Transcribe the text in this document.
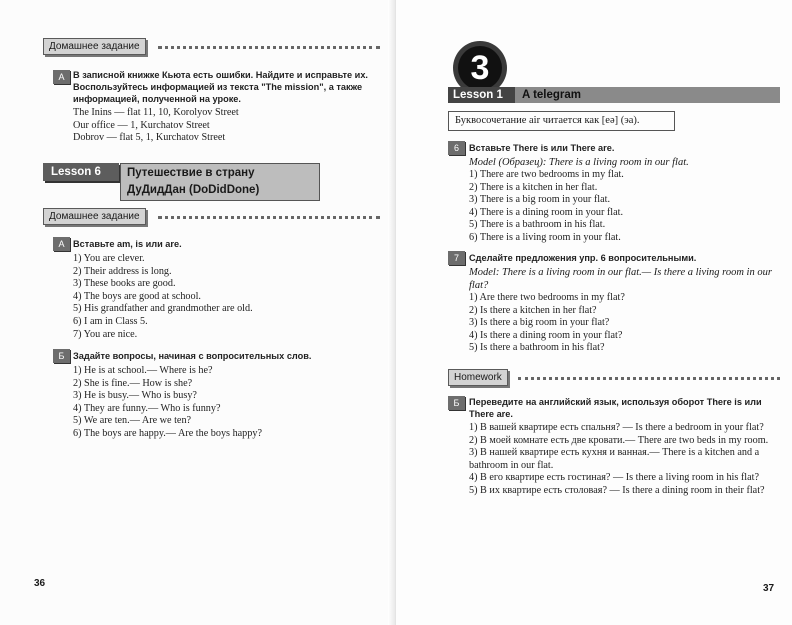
Домашнее задание
А В записной книжке Кьюта есть ошибки. Найдите и исправьте их. Воспользуйтесь информацией из текста "The mission", а также информацией, полученной на уроке.
The Inins — flat 11, 10, Korolyov Street
Our office — 1, Kurchatov Street
Dobrov — flat 5, 1, Kurchatov Street
Lesson 6	Путешествие в страну ДуДидДан (DoDidDone)
Домашнее задание
А Вставьте am, is или are.
1) You are clever.
2) Their address is long.
3) These books are good.
4) The boys are good at school.
5) His grandfather and grandmother are old.
6) I am in Class 5.
7) You are nice.
Б Задайте вопросы, начиная с вопросительных слов.
1) He is at school.— Where is he?
2) She is fine.— How is she?
3) He is busy.— Who is busy?
4) They are funny.— Who is funny?
5) We are ten.— Are we ten?
6) The boys are happy.— Are the boys happy?
36
3
Lesson 1	A telegram
Буквосочетание air читается как [eə] (эа).
6	Вставьте There is или There are.
Model (Образец): There is a living room in our flat.
1) There are two bedrooms in my flat.
2) There is a kitchen in her flat.
3) There is a big room in your flat.
4) There is a dining room in your flat.
5) There is a bathroom in his flat.
6) There is a living room in your flat.
7	Сделайте предложения упр. 6 вопросительными.
Model: There is a living room in our flat.— Is there a living room in our flat?
1) Are there two bedrooms in my flat?
2) Is there a kitchen in her flat?
3) Is there a big room in your flat?
4) Is there a dining room in your flat?
5) Is there a bathroom in his flat?
Homework
Б	Переведите на английский язык, используя оборот There is или There are.
1) В вашей квартире есть спальня? — Is there a bedroom in your flat?
2) В моей комнате есть две кровати.— There are two beds in my room.
3) В нашей квартире есть кухня и ванная.— There is a kitchen and a bathroom in our flat.
4) В его квартире есть гостиная? — Is there a living room in his flat?
5) В их квартире есть столовая? — Is there a dining room in their flat?
37
